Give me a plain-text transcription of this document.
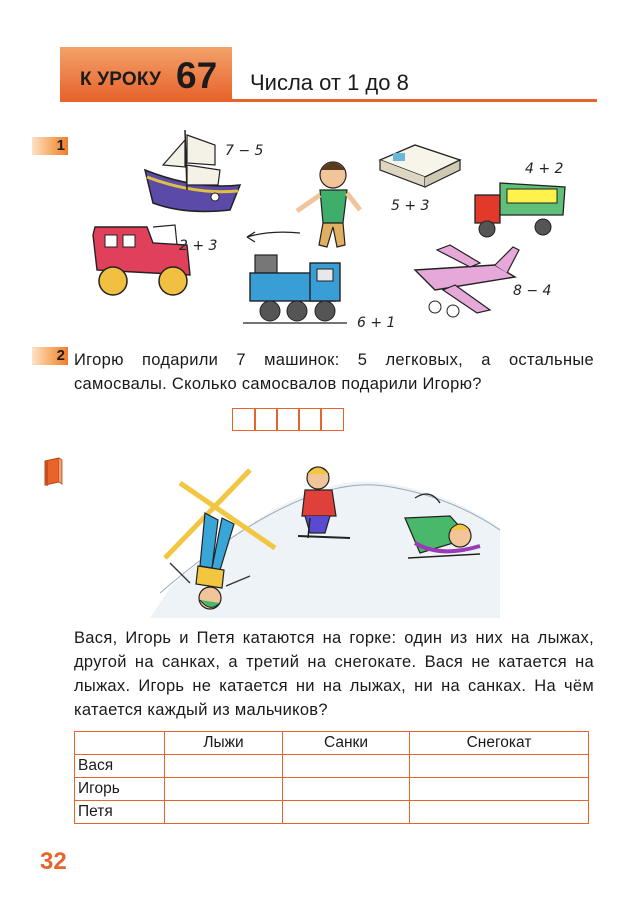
К УРОКУ 67 Числа от 1 до 8
1	7 − 5
5 + 3
4 + 2
2 + 3
6 + 1
8 − 4
2 Игорю подарили 7 машинок: 5 легковых, а остальные самосвалы. Сколько самосвалов подарили Игорю?

Вася, Игорь и Петя катаются на горке: один из них на лыжах, другой на санках, а третий на снегокате. Вася не катается на лыжах. Игорь не катается ни на лыжах, ни на санках. На чём катается каждый из мальчиков?

	Лыжи	Санки	Снегокат
Вася			
Игорь			
Петя			
32
